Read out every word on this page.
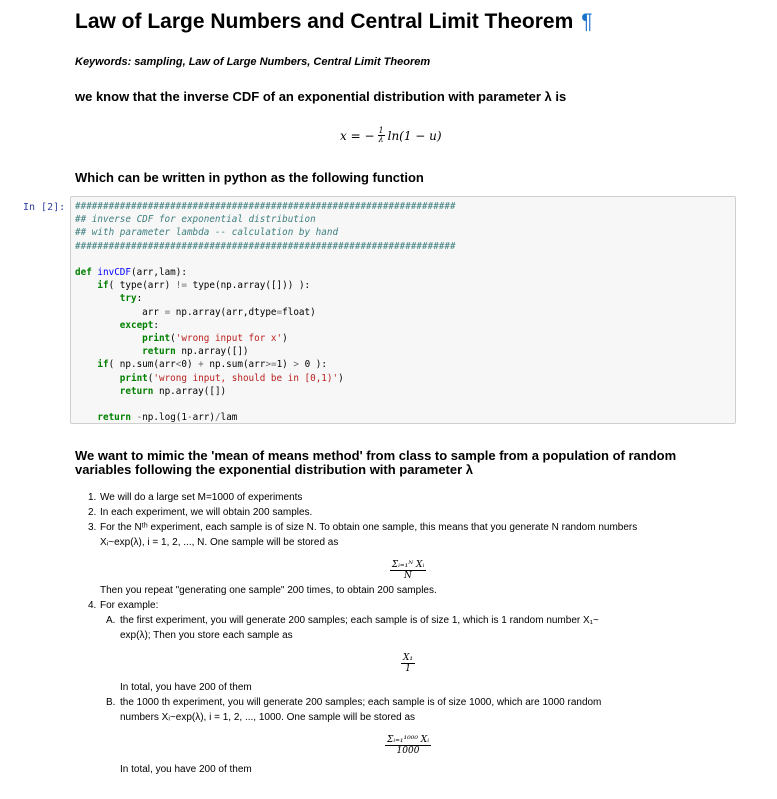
Law of Large Numbers and Central Limit Theorem ¶
Keywords: sampling, Law of Large Numbers, Central Limit Theorem
we know that the inverse CDF of an exponential distribution with parameter λ is
x = − $\frac{1}{\lambda} \ln(1 - u)$
Which can be written in python as the following function
In [2]: ####################################################################
## inverse CDF for exponential distribution
## with parameter lambda -- calculation by hand
####################################################################

def invCDF(arr,lam):
if( type(arr) != type(np.array([])) ):
try:
arr = np.array(arr,dtype=float)
except:
print('wrong input for x')
return np.array([])
if( np.sum(arr<0) + np.sum(arr>=1) > 0 ):
print('wrong input, should be in [0,1)')
return np.array([])

return -np.log(1-arr)/lam
We want to mimic the 'mean of means method' from class to sample from a population of random variables following the exponential distribution with parameter λ
1. We will do a large set M=1000 of experiments
2. In each experiment, we will obtain 200 samples.
3. For the Nᵗʰ experiment, each sample is of size N. To obtain one sample, this means that you generate N random numbers
Xᵢ~exp(λ), i = 1, 2, ..., N. One sample will be stored as
Σᵢ₌₁ᴺ Xᵢ
N
Then you repeat "generating one sample" 200 times, to obtain 200 samples.
4. For example:
A. the first experiment, you will generate 200 samples; each sample is of size 1, which is 1 random number X₁~
exp(λ); Then you store each sample as
X₁
1
In total, you have 200 of them
B. the 1000 th experiment, you will generate 200 samples; each sample is of size 1000, which are 1000 random
numbers Xᵢ~exp(λ), i = 1, 2, ..., 1000. One sample will be stored as
Σᵢ₌₁¹⁰⁰⁰ Xᵢ
1000
In total, you have 200 of them
